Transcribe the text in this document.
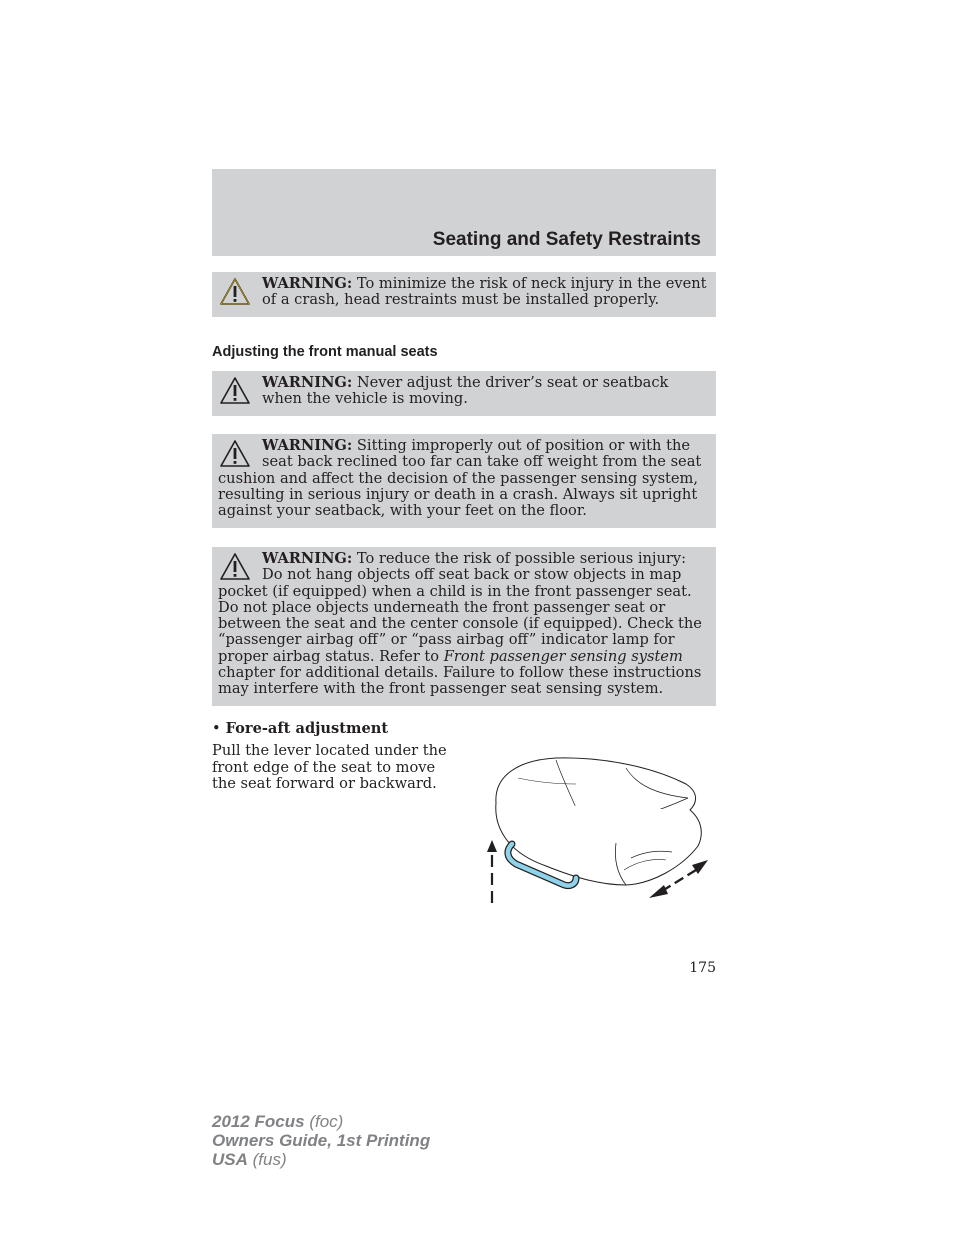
Seating and Safety Restraints
WARNING: To minimize the risk of neck injury in the event of a crash, head restraints must be installed properly.
Adjusting the front manual seats
WARNING: Never adjust the driver’s seat or seatback when the vehicle is moving.
WARNING: Sitting improperly out of position or with the seat back reclined too far can take off weight from the seat cushion and affect the decision of the passenger sensing system, resulting in serious injury or death in a crash. Always sit upright against your seatback, with your feet on the floor.
WARNING: To reduce the risk of possible serious injury: Do not hang objects off seat back or stow objects in map pocket (if equipped) when a child is in the front passenger seat. Do not place objects underneath the front passenger seat or between the seat and the center console (if equipped). Check the “passenger airbag off” or “pass airbag off” indicator lamp for proper airbag status. Refer to Front passenger sensing system chapter for additional details. Failure to follow these instructions may interfere with the front passenger seat sensing system.
• Fore-aft adjustment
Pull the lever located under the front edge of the seat to move the seat forward or backward.
175
2012 Focus (foc)
Owners Guide, 1st Printing
USA (fus)
